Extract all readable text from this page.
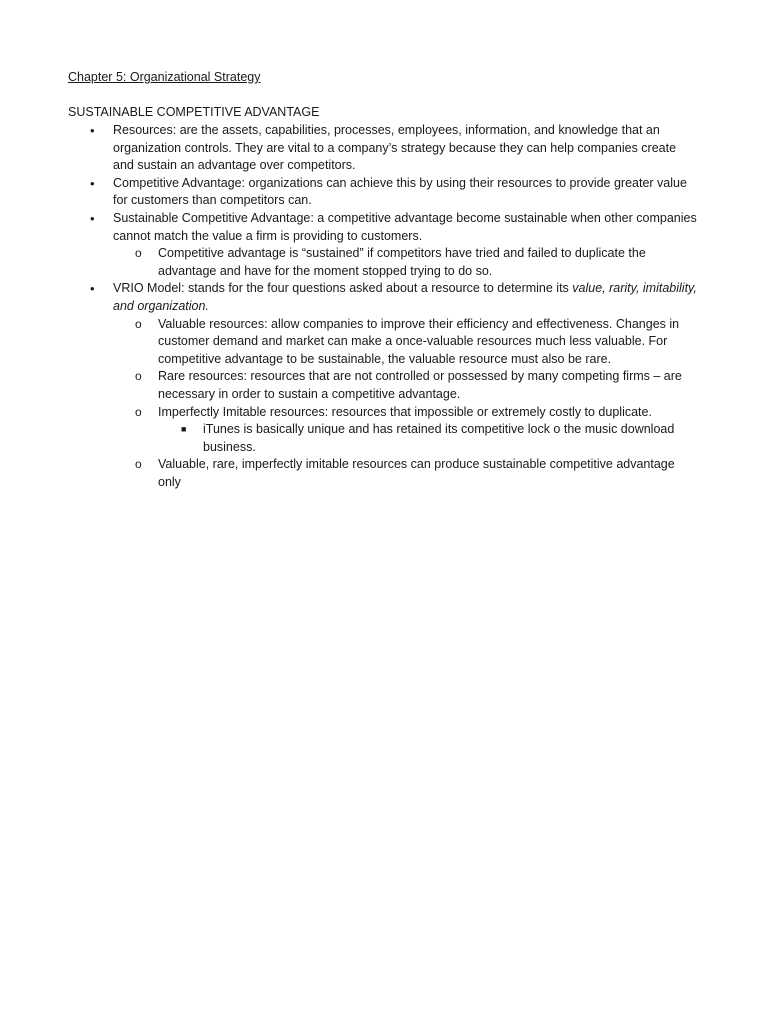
Chapter 5: Organizational Strategy
SUSTAINABLE COMPETITIVE ADVANTAGE
• Resources: are the assets, capabilities, processes, employees, information, and knowledge that an organization controls. They are vital to a company’s strategy because they can help companies create and sustain an advantage over competitors.
• Competitive Advantage: organizations can achieve this by using their resources to provide greater value for customers than competitors can.
• Sustainable Competitive Advantage: a competitive advantage become sustainable when other companies cannot match the value a firm is providing to customers.
o Competitive advantage is “sustained” if competitors have tried and failed to duplicate the advantage and have for the moment stopped trying to do so.
• VRIO Model: stands for the four questions asked about a resource to determine its value, rarity, imitability, and organization.
o Valuable resources: allow companies to improve their efficiency and effectiveness. Changes in customer demand and market can make a once-valuable resources much less valuable. For competitive advantage to be sustainable, the valuable resource must also be rare.
o Rare resources: resources that are not controlled or possessed by many competing firms – are necessary in order to sustain a competitive advantage.
o Imperfectly Imitable resources: resources that impossible or extremely costly to duplicate.
■ iTunes is basically unique and has retained its competitive lock o the music download business.
o Valuable, rare, imperfectly imitable resources can produce sustainable competitive advantage only
